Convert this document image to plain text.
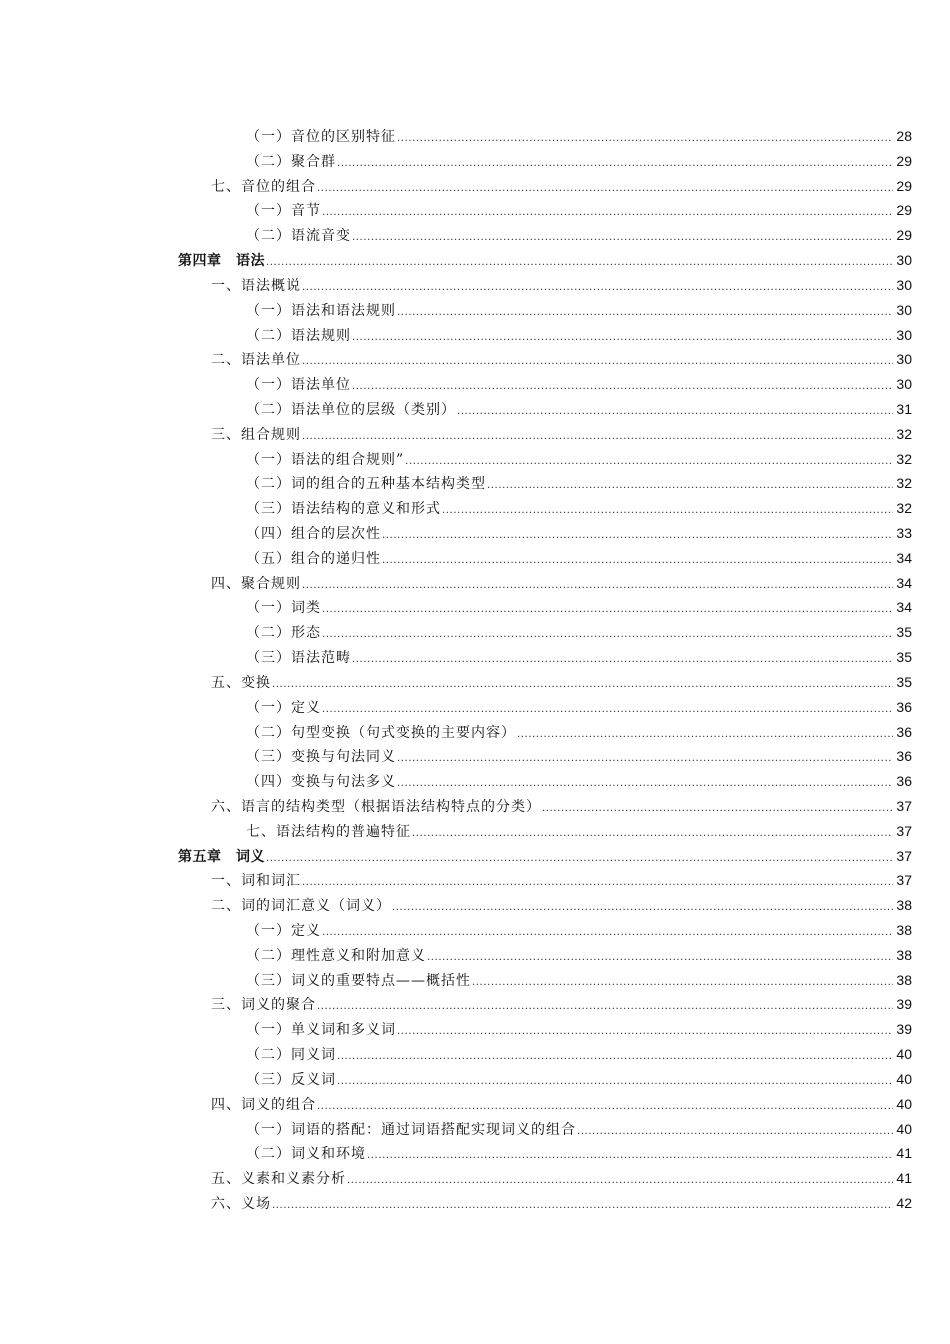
（一）音位的区别特征 .....	28
（二）聚合群 .....	29
七、音位的组合 .....	29
（一）音节 .....	29
（二）语流音变 .....	29
第四章　语法 .....	30
一、语法概说 .....	30
（一）语法和语法规则 .....	30
（二）语法规则 .....	30
二、语法单位 .....	30
（一）语法单位 .....	30
（二）语法单位的层级（类别） .....	31
三、组合规则 .....	32
（一）语法的组合规则” .....	32
（二）词的组合的五种基本结构类型 .....	32
（三）语法结构的意义和形式 .....	32
（四）组合的层次性 .....	33
（五）组合的递归性 .....	34
四、聚合规则 .....	34
（一）词类 .....	34
（二）形态 .....	35
（三）语法范畴 .....	35
五、变换 .....	35
（一）定义 .....	36
（二）句型变换（句式变换的主要内容） .....	36
（三）变换与句法同义 .....	36
（四）变换与句法多义 .....	36
六、语言的结构类型（根据语法结构特点的分类） .....	37
七、语法结构的普遍特征 .....	37
第五章　词义 .....	37
一、词和词汇 .....	37
二、词的词汇意义（词义） .....	38
（一）定义 .....	38
（二）理性意义和附加意义 .....	38
（三）词义的重要特点——概括性 .....	38
三、词义的聚合 .....	39
（一）单义词和多义词 .....	39
（二）同义词 .....	40
（三）反义词 .....	40
四、词义的组合 .....	40
（一）词语的搭配：通过词语搭配实现词义的组合 .....	40
（二）词义和环境 .....	41
五、义素和义素分析 .....	41
六、义场 .....	42
